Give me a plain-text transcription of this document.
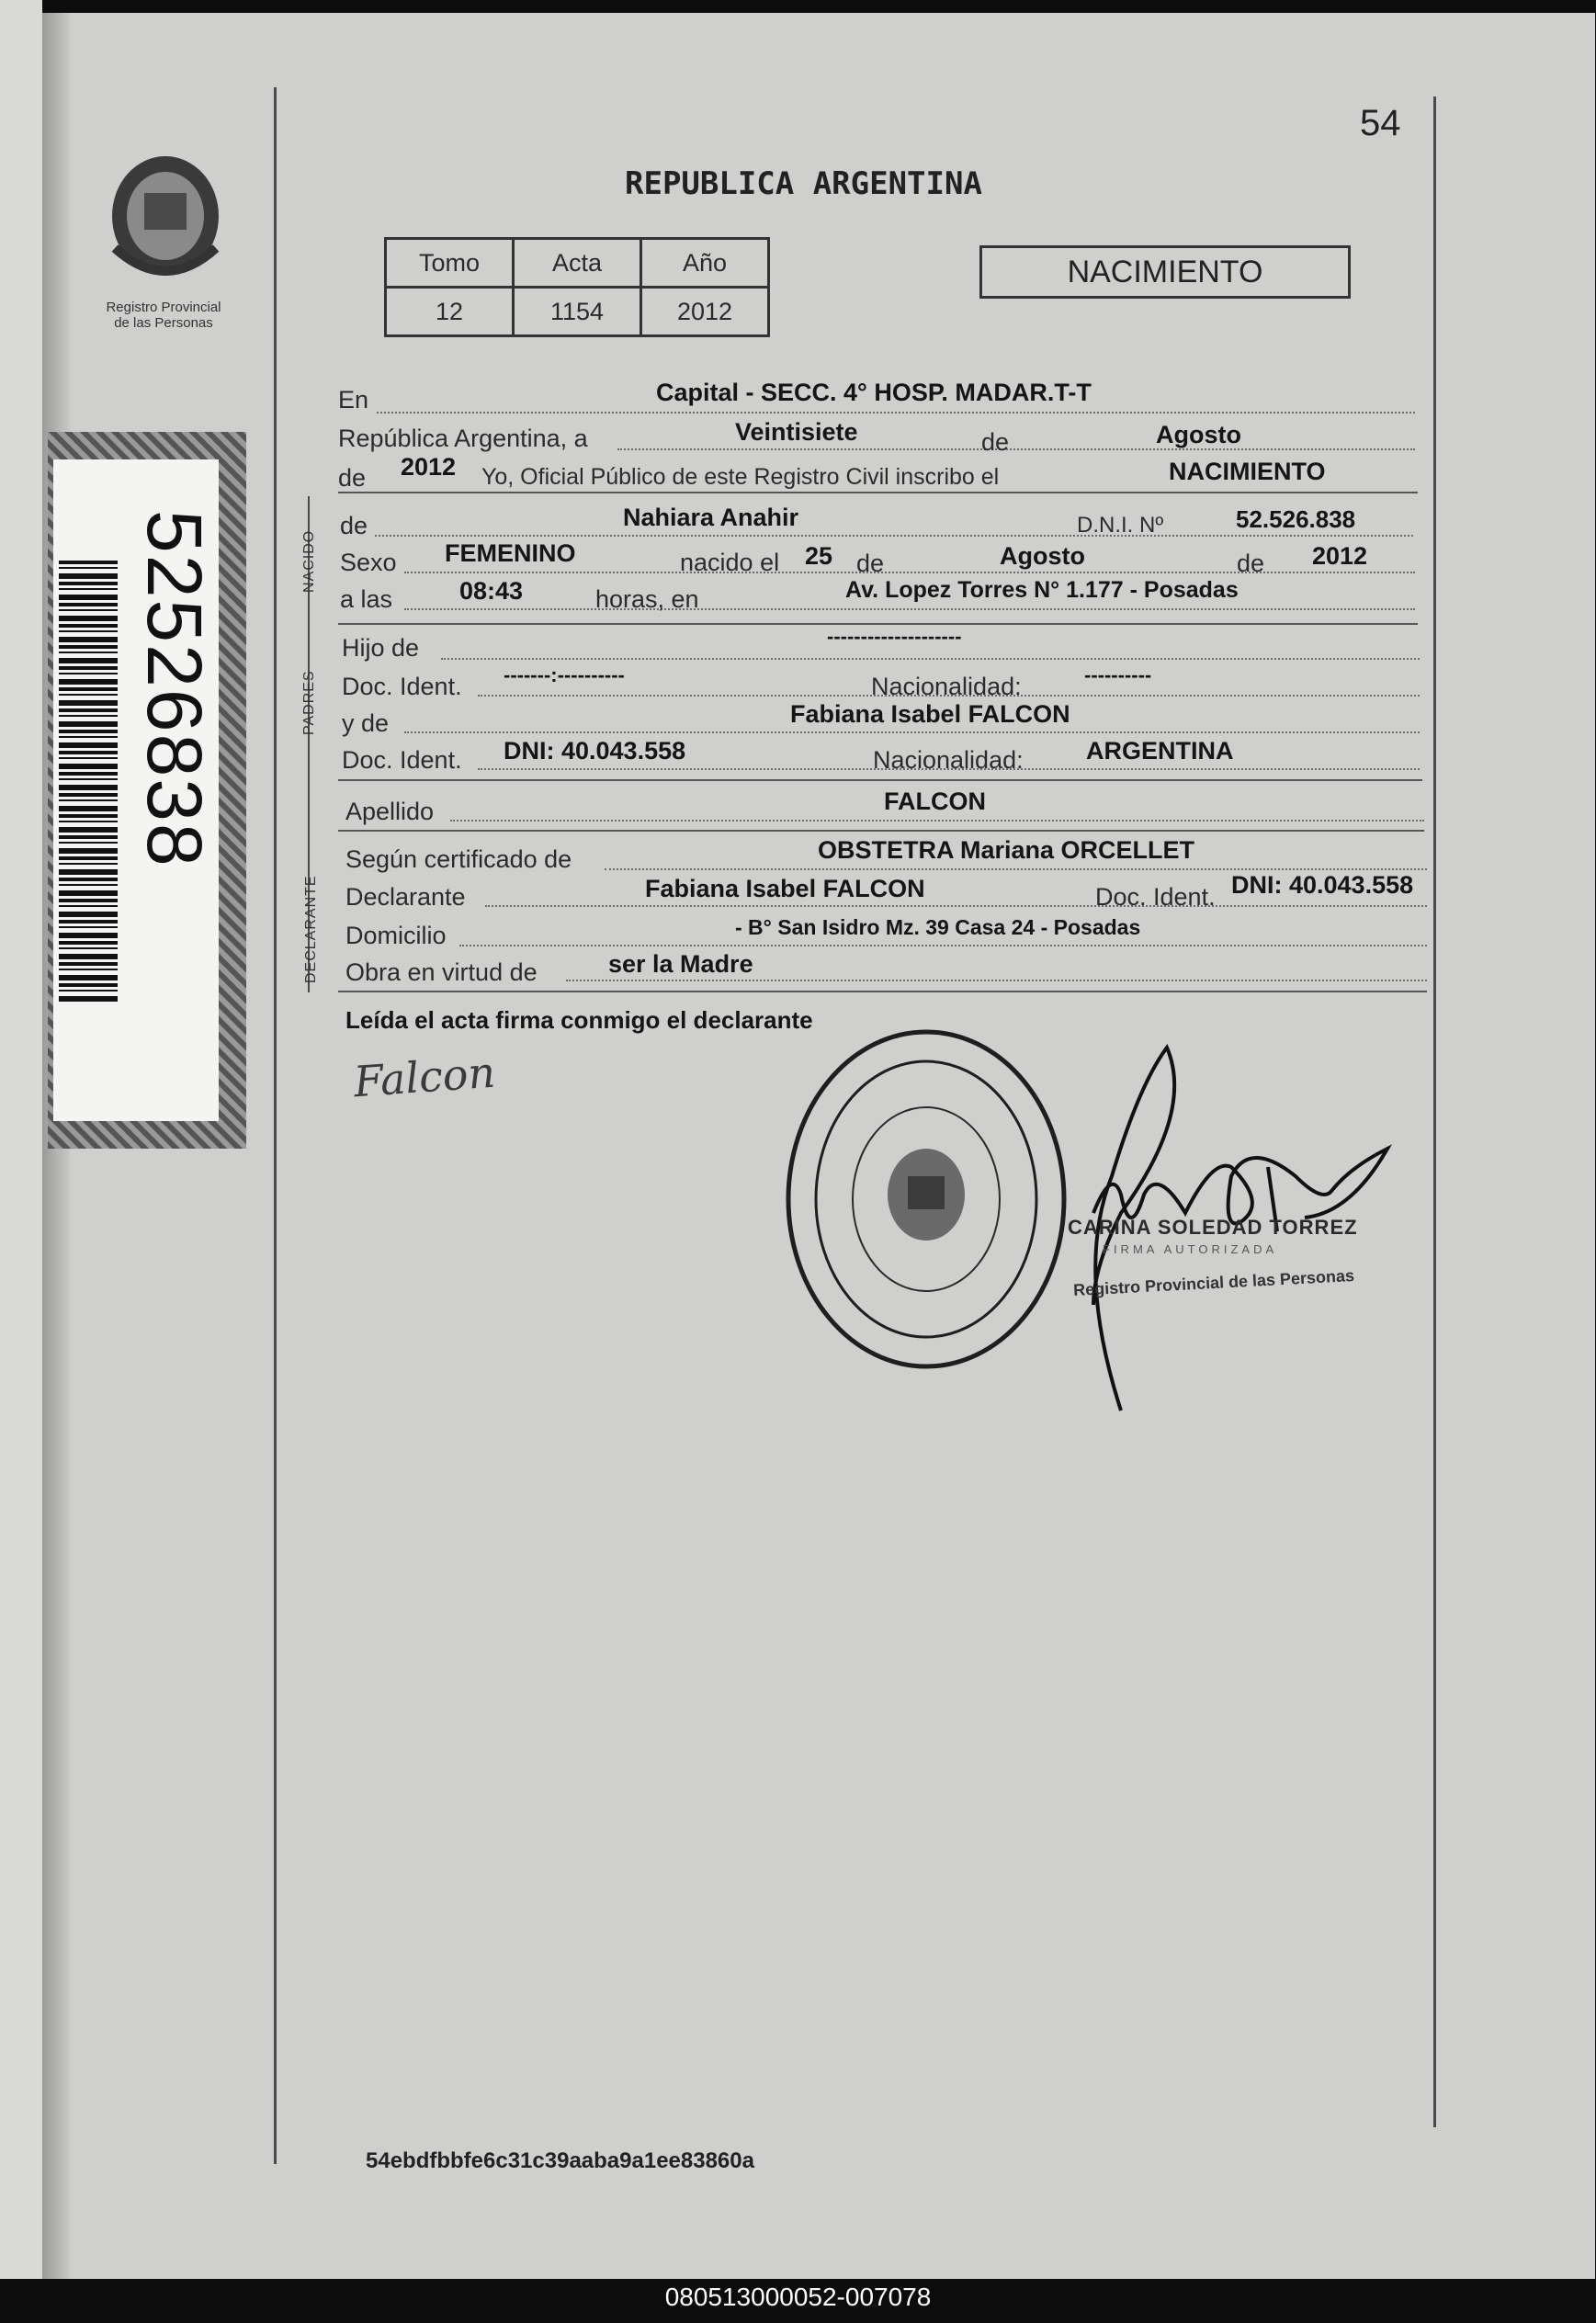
54
Registro Provincial
de las Personas
52526838
REPUBLICA ARGENTINA
Tomo	Acta	Año
12	1154	2012
NACIMIENTO
En	Capital - SECC. 4° HOSP. MADAR.T-T
República Argentina, a	Veintisiete	de	Agosto
de 2012 Yo, Oficial Público de este Registro Civil inscribo el	NACIMIENTO
NACIDO
de	Nahiara Anahir	D.N.I. Nº	52.526.838
Sexo FEMENINO	nacido el 25 de	Agosto	de 2012
a las	08:43	horas, en	Av. Lopez Torres N° 1.177 - Posadas
PADRES
Hijo de	--------------------
Doc. Ident. -------:----------	Nacionalidad:	----------
y de	Fabiana Isabel FALCON
Doc. Ident. DNI: 40.043.558	Nacionalidad:	ARGENTINA
Apellido	FALCON
DECLARANTE
Según certificado de	OBSTETRA Mariana ORCELLET
Declarante	Fabiana Isabel FALCON	Doc. Ident. DNI: 40.043.558
Domicilio	- B° San Isidro Mz. 39 Casa 24 - Posadas
Obra en virtud de	ser la Madre
Leída el acta firma conmigo el declarante
Falcon
CARINA SOLEDAD TORREZ
FIRMA AUTORIZADA
Registro Provincial de las Personas
54ebdfbbfe6c31c39aaba9a1ee83860a
080513000052-007078
